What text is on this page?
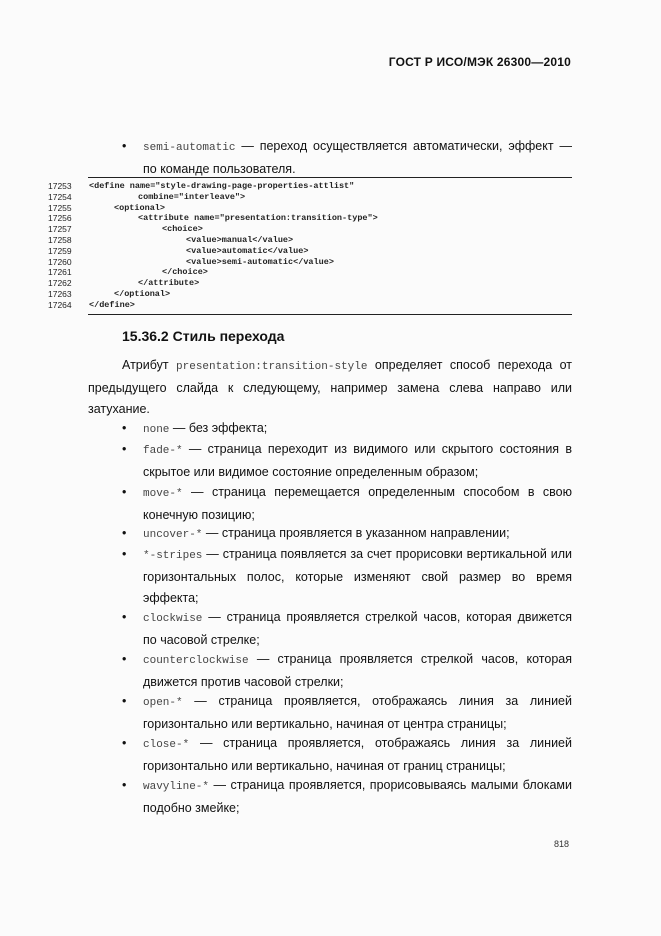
ГОСТ Р ИСО/МЭК 26300—2010
• semi-automatic — переход осуществляется автоматически, эффект — по команде пользователя.
17253	<define name="style-drawing-page-properties-attlist"
17254	combine="interleave">
17255	<optional>
17256	<attribute name="presentation:transition-type">
17257	<choice>
17258	<value>manual</value>
17259	<value>automatic</value>
17260	<value>semi-automatic</value>
17261	</choice>
17262	</attribute>
17263	</optional>
17264	</define>
15.36.2 Стиль перехода
Атрибут presentation:transition-style определяет способ перехода от предыдущего слайда к следующему, например замена слева направо или затухание.
• none — без эффекта;
• fade-* — страница переходит из видимого или скрытого состояния в скрытое или видимое состояние определенным образом;
• move-* — страница перемещается определенным способом в свою конечную позицию;
• uncover-* — страница проявляется в указанном направлении;
• *-stripes — страница появляется за счет прорисовки вертикальной или горизонтальных полос, которые изменяют свой размер во время эффекта;
• clockwise — страница проявляется стрелкой часов, которая движется по часовой стрелке;
• counterclockwise — страница проявляется стрелкой часов, которая движется против часовой стрелки;
• open-* — страница проявляется, отображаясь линия за линией горизонтально или вертикально, начиная от центра страницы;
• close-* — страница проявляется, отображаясь линия за линией горизонтально или вертикально, начиная от границ страницы;
• wavyline-* — страница проявляется, прорисовываясь малыми блоками подобно змейке;
818
